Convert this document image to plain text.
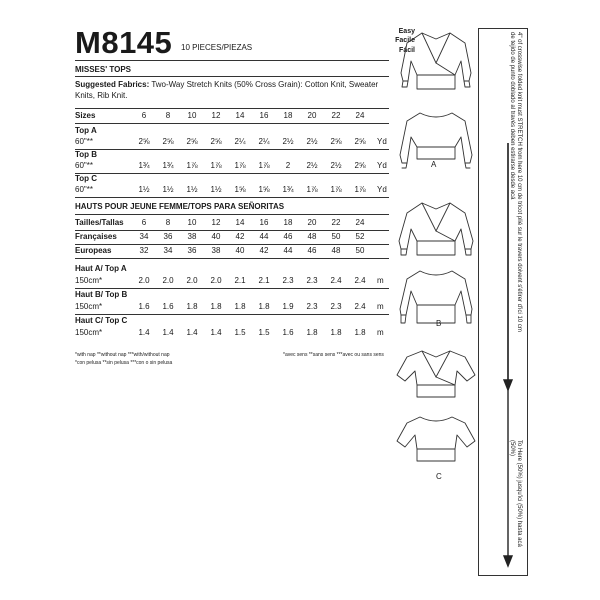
M8145 10 PIECES/PIEZAS
Easy
Facile
Fácil
MISSES' TOPS
Suggested Fabrics: Two-Way Stretch Knits (50% Cross Grain): Cotton Knit, Sweater Knits, Rib Knit.
Sizes	6	8	10	12	14	16	18	20	22	24
Top A
60"**	2⅝	2⅝	2⅝	2⅝	2¼	2¼	2½	2½	2⅝	2⅝	Yd
Top B
60"**	1¾	1¾	1⅞	1⅞	1⅞	1⅞	2	2½	2½	2⅝	Yd
Top C
60"**	1½	1½	1½	1½	1⅝	1⅝	1¾	1⅞	1⅞	1⅞	Yd
HAUTS POUR JEUNE FEMME/TOPS PARA SEÑORITAS
Tailles/Tallas	6	8	10	12	14	16	18	20	22	24
Françaises	34	36	38	40	42	44	46	48	50	52
Europeas	32	34	36	38	40	42	44	46	48	50
Haut A/ Top A
150cm*	2.0	2.0	2.0	2.0	2.1	2.1	2.3	2.3	2.4	2.4	m
Haut B/ Top B
150cm*	1.6	1.6	1.8	1.8	1.8	1.8	1.9	2.3	2.3	2.4	m
Haut C/ Top C
150cm*	1.4	1.4	1.4	1.4	1.5	1.5	1.6	1.8	1.8	1.8	m
*with nap **without nap ***with/without nap
*con pelusa **sin pelusa ***con o sin pelusa
*avec sens **sans sens ***avec ou sans sens
A
B
C
4" of crosswise folded knit must STRETCH from here 10 cm de tricot plié sur le travers doivent s'étirer d'ici 10 cm de tejido de punto doblado al través deben estirarse desde acá
To Here (50%) jusqu'ici (50%) hasta acá (50%)
